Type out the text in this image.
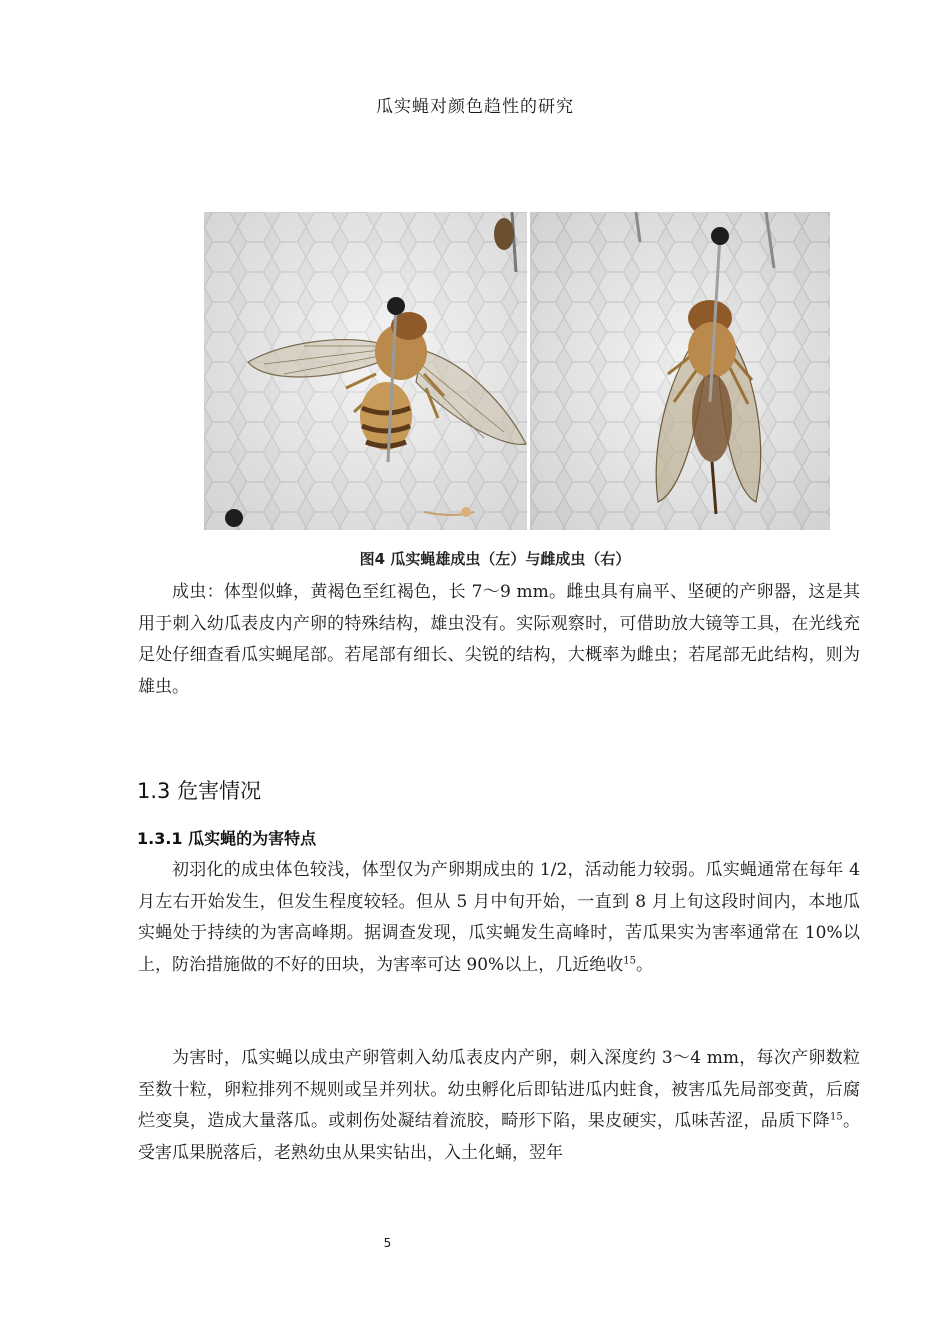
瓜实蝇对颜色趋性的研究
图4 瓜实蝇雄成虫（左）与雌成虫（右）

成虫：体型似蜂，黄褐色至红褐色，长 7～9 mm。雌虫具有扁平、坚硬的产卵器，这是其用于刺入幼瓜表皮内产卵的特殊结构，雄虫没有。实际观察时，可借助放大镜等工具，在光线充足处仔细查看瓜实蝇尾部。若尾部有细长、尖锐的结构，大概率为雌虫；若尾部无此结构，则为雄虫。

1.3 危害情况
1.3.1 瓜实蝇的为害特点

初羽化的成虫体色较浅，体型仅为产卵期成虫的 1/2，活动能力较弱。瓜实蝇通常在每年 4 月左右开始发生，但发生程度较轻。但从 5 月中旬开始，一直到 8 月上旬这段时间内，本地瓜实蝇处于持续的为害高峰期。据调查发现，瓜实蝇发生高峰时，苦瓜果实为害率通常在 10%以上，防治措施做的不好的田块，为害率可达 90%以上，几近绝收$^{15}$。

为害时，瓜实蝇以成虫产卵管刺入幼瓜表皮内产卵，刺入深度约 3～4 mm，每次产卵数粒至数十粒，卵粒排列不规则或呈并列状。幼虫孵化后即钻进瓜内蛀食，被害瓜先局部变黄，后腐烂变臭，造成大量落瓜。或刺伤处凝结着流胶，畸形下陷，果皮硬实，瓜味苦涩，品质下降$^{15}$。受害瓜果脱落后，老熟幼虫从果实钻出，入土化蛹，翌年

5
